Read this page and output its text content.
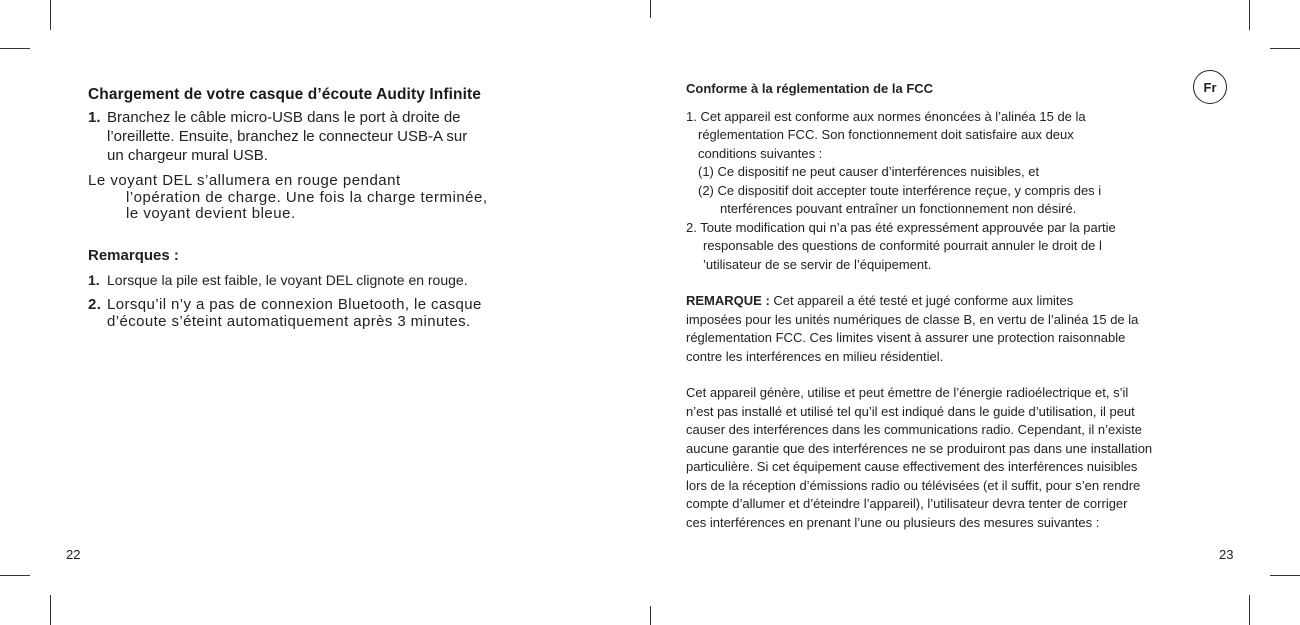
Chargement de votre casque d’écoute Audity Infinite
1. Branchez le câble micro-USB dans le port à droite de
l’oreillette. Ensuite, branchez le connecteur USB-A sur
un chargeur mural USB.
Le voyant DEL s’allumera en rouge pendant
l’opération de charge. Une fois la charge terminée,
le voyant devient bleue.
Remarques :
1. Lorsque la pile est faible, le voyant DEL clignote en rouge.
2. Lorsqu’il n’y a pas de connexion Bluetooth, le casque
d’écoute s’éteint automatiquement après 3 minutes.
Fr
Conforme à la réglementation de la FCC
1. Cet appareil est conforme aux normes énoncées à l’alinéa 15 de la
réglementation FCC. Son fonctionnement doit satisfaire aux deux
conditions suivantes :
(1) Ce dispositif ne peut causer d’interférences nuisibles, et
(2) Ce dispositif doit accepter toute interférence reçue, y compris des i
nterférences pouvant entraîner un fonctionnement non désiré.
2. Toute modification qui n’a pas été expressément approuvée par la partie
responsable des questions de conformité pourrait annuler le droit de l
’utilisateur de se servir de l’équipement.
REMARQUE : Cet appareil a été testé et jugé conforme aux limites
imposées pour les unités numériques de classe B, en vertu de l’alinéa 15 de la
réglementation FCC. Ces limites visent à assurer une protection raisonnable
contre les interférences en milieu résidentiel.
Cet appareil génère, utilise et peut émettre de l’énergie radioélectrique et, s’il
n’est pas installé et utilisé tel qu’il est indiqué dans le guide d’utilisation, il peut
causer des interférences dans les communications radio. Cependant, il n’existe
aucune garantie que des interférences ne se produiront pas dans une installation
particulière. Si cet équipement cause effectivement des interférences nuisibles
lors de la réception d’émissions radio ou télévisées (et il suffit, pour s’en rendre
compte d’allumer et d’éteindre l’appareil), l’utilisateur devra tenter de corriger
ces interférences en prenant l’une ou plusieurs des mesures suivantes :
22	23
